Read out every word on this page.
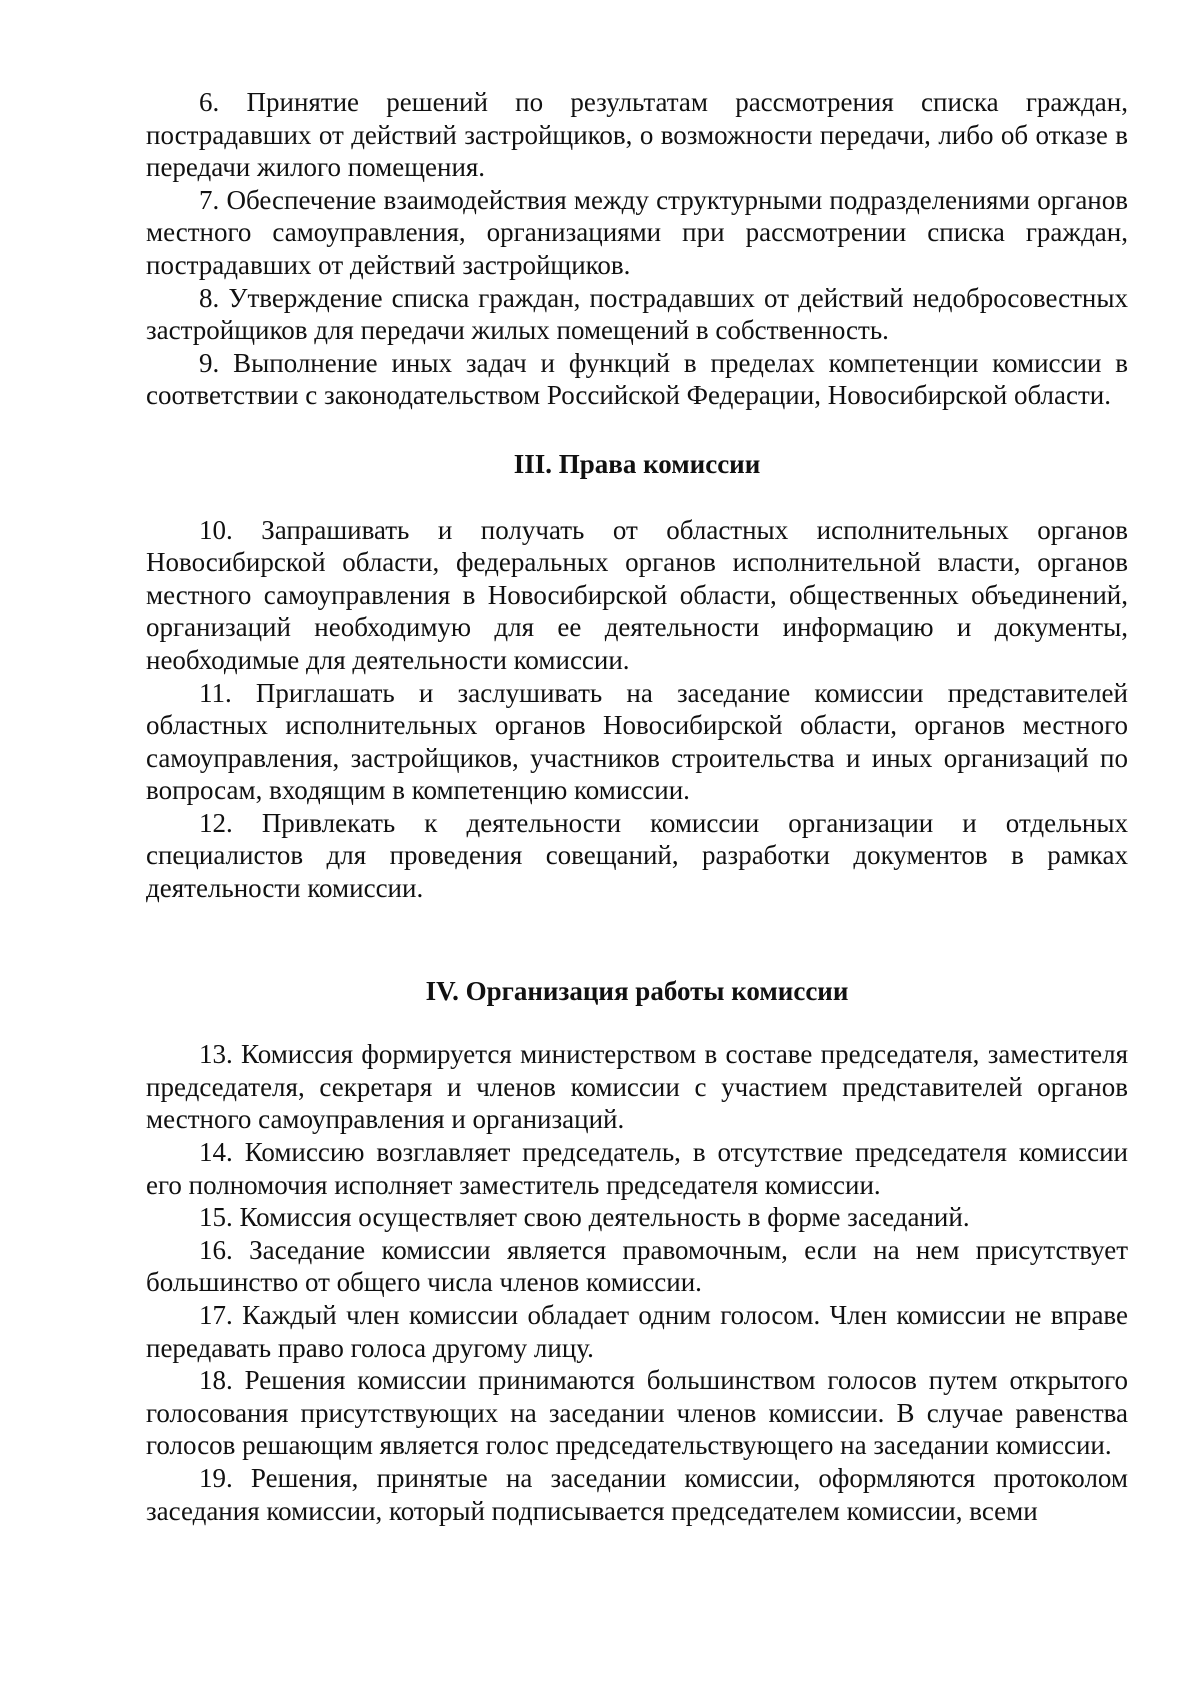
6. Принятие решений по результатам рассмотрения списка граждан, пострадавших от действий застройщиков, о возможности передачи, либо об отказе в передачи жилого помещения.

7. Обеспечение взаимодействия между структурными подразделениями органов местного самоуправления, организациями при рассмотрении списка граждан, пострадавших от действий застройщиков.

8. Утверждение списка граждан, пострадавших от действий недобросовестных застройщиков для передачи жилых помещений в собственность.

9. Выполнение иных задач и функций в пределах компетенции комиссии в соответствии с законодательством Российской Федерации, Новосибирской области.

III. Права комиссии

10. Запрашивать и получать от областных исполнительных органов Новосибирской области, федеральных органов исполнительной власти, органов местного самоуправления в Новосибирской области, общественных объединений, организаций необходимую для ее деятельности информацию и документы, необходимые для деятельности комиссии.

11. Приглашать и заслушивать на заседание комиссии представителей областных исполнительных органов Новосибирской области, органов местного самоуправления, застройщиков, участников строительства и иных организаций по вопросам, входящим в компетенцию комиссии.

12. Привлекать к деятельности комиссии организации и отдельных специалистов для проведения совещаний, разработки документов в рамках деятельности комиссии.

IV. Организация работы комиссии

13. Комиссия формируется министерством в составе председателя, заместителя председателя, секретаря и членов комиссии с участием представителей органов местного самоуправления и организаций.

14. Комиссию возглавляет председатель, в отсутствие председателя комиссии его полномочия исполняет заместитель председателя комиссии.

15. Комиссия осуществляет свою деятельность в форме заседаний.

16. Заседание комиссии является правомочным, если на нем присутствует большинство от общего числа членов комиссии.

17. Каждый член комиссии обладает одним голосом. Член комиссии не вправе передавать право голоса другому лицу.

18. Решения комиссии принимаются большинством голосов путем открытого голосования присутствующих на заседании членов комиссии. В случае равенства голосов решающим является голос председательствующего на заседании комиссии.

19. Решения, принятые на заседании комиссии, оформляются протоколом заседания комиссии, который подписывается председателем комиссии, всеми
